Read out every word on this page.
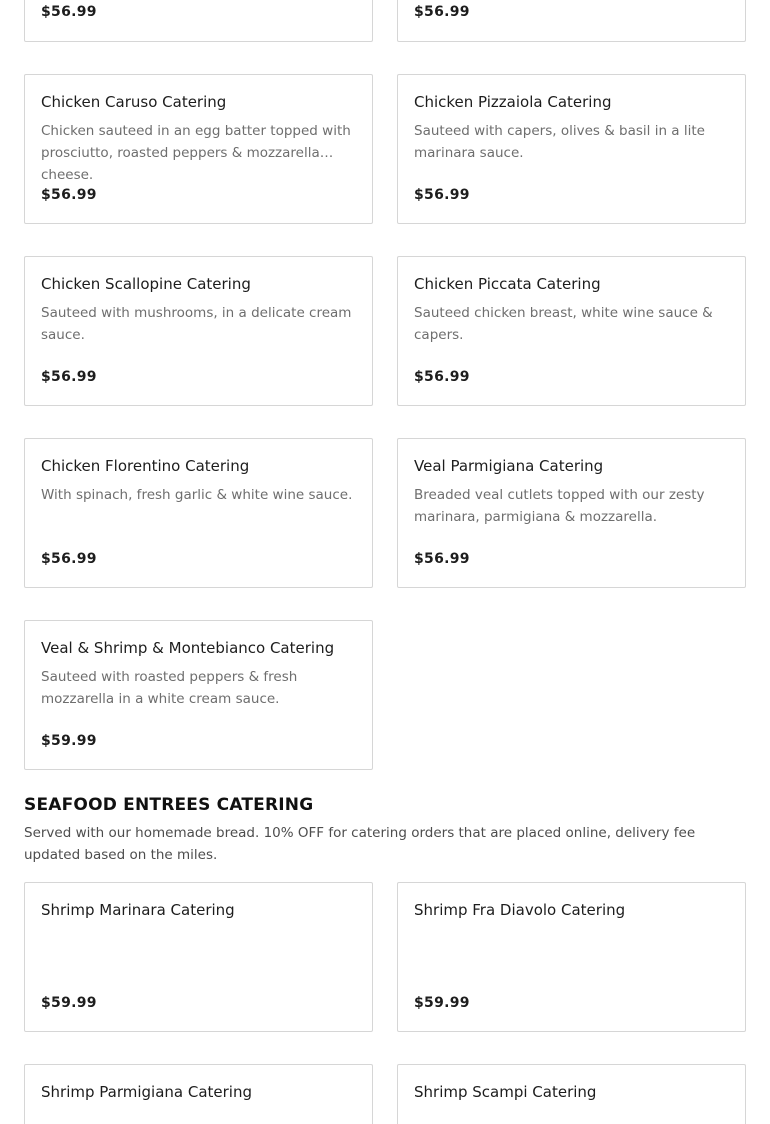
$56.99	$56.99
Chicken Caruso Catering
Chicken sauteed in an egg batter topped with prosciutto, roasted peppers & mozzarella cheese.
$56.99
Chicken Pizzaiola Catering
Sauteed with capers, olives & basil in a lite marinara sauce.
$56.99
Chicken Scallopine Catering
Sauteed with mushrooms, in a delicate cream sauce.
$56.99
Chicken Piccata Catering
Sauteed chicken breast, white wine sauce & capers.
$56.99
Chicken Florentino Catering
With spinach, fresh garlic & white wine sauce.
$56.99
Veal Parmigiana Catering
Breaded veal cutlets topped with our zesty marinara, parmigiana & mozzarella.
$56.99
Veal & Shrimp & Montebianco Catering
Sauteed with roasted peppers & fresh mozzarella in a white cream sauce.
$59.99
SEAFOOD ENTREES CATERING
Served with our homemade bread. 10% OFF for catering orders that are placed online, delivery fee updated based on the miles.
Shrimp Marinara Catering
$59.99
Shrimp Fra Diavolo Catering
$59.99
Shrimp Parmigiana Catering	Shrimp Scampi Catering
